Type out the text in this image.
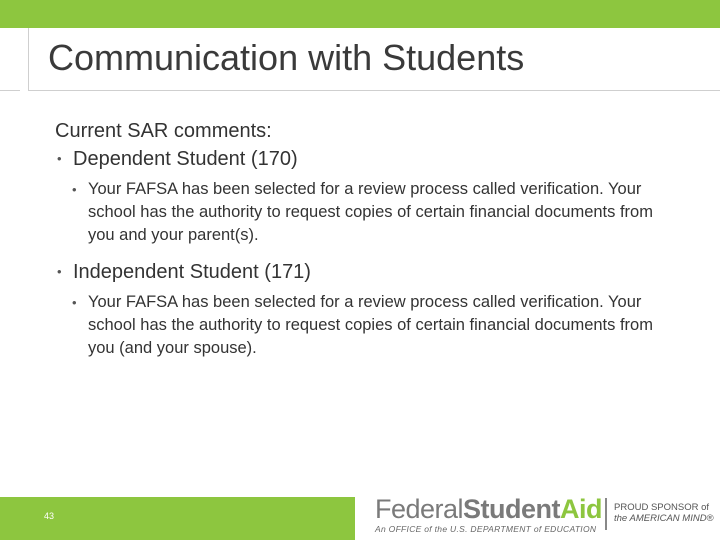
Communication with Students
Current SAR comments:
• Dependent Student (170)
• Your FAFSA has been selected for a review process called verification. Your school has the authority to request copies of certain financial documents from you and your parent(s).
• Independent Student (171)
• Your FAFSA has been selected for a review process called verification. Your school has the authority to request copies of certain financial documents from you (and your spouse).
43	FederalStudentAid
An OFFICE of the U.S. DEPARTMENT of EDUCATION
PROUD SPONSOR of
the AMERICAN MIND®
